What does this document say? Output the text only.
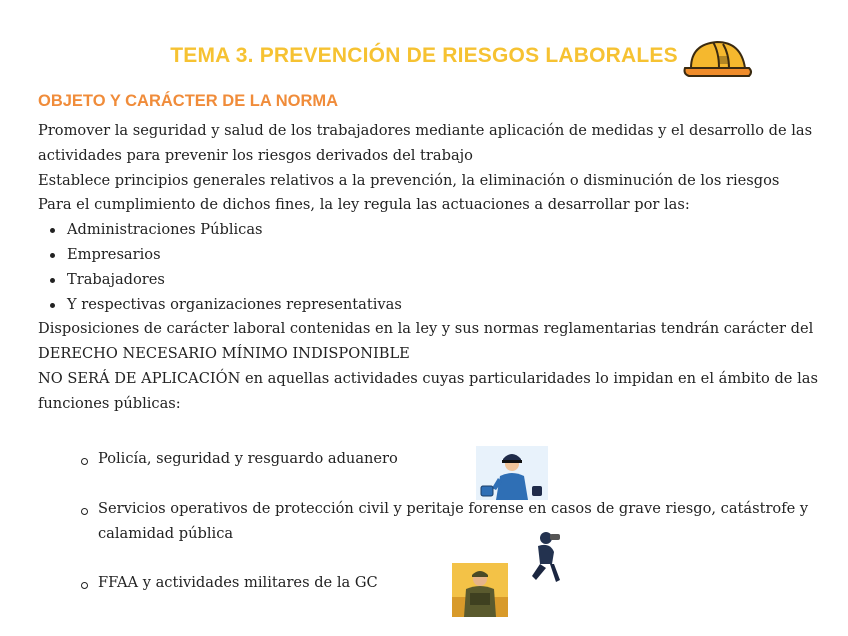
TEMA 3. PREVENCIÓN DE RIESGOS LABORALES
OBJETO Y CARÁCTER DE LA NORMA

Promover la seguridad y salud de los trabajadores mediante aplicación de medidas y el desarrollo de las actividades para prevenir los riesgos derivados del trabajo

Establece principios generales relativos a la prevención, la eliminación o disminución de los riesgos

Para el cumplimiento de dichos fines, la ley regula las actuaciones a desarrollar por las:

Administraciones Públicas
Empresarios
Trabajadores
Y respectivas organizaciones representativas

Disposiciones de carácter laboral contenidas en la ley y sus normas reglamentarias tendrán carácter del DERECHO NECESARIO MÍNIMO INDISPONIBLE

NO SERÁ DE APLICACIÓN en aquellas actividades cuyas particularidades lo impidan en el ámbito de las funciones públicas:

Policía, seguridad y resguardo aduanero
Servicios operativos de protección civil y peritaje forense en casos de grave riesgo, catástrofe y calamidad pública
FFAA y actividades militares de la GC
